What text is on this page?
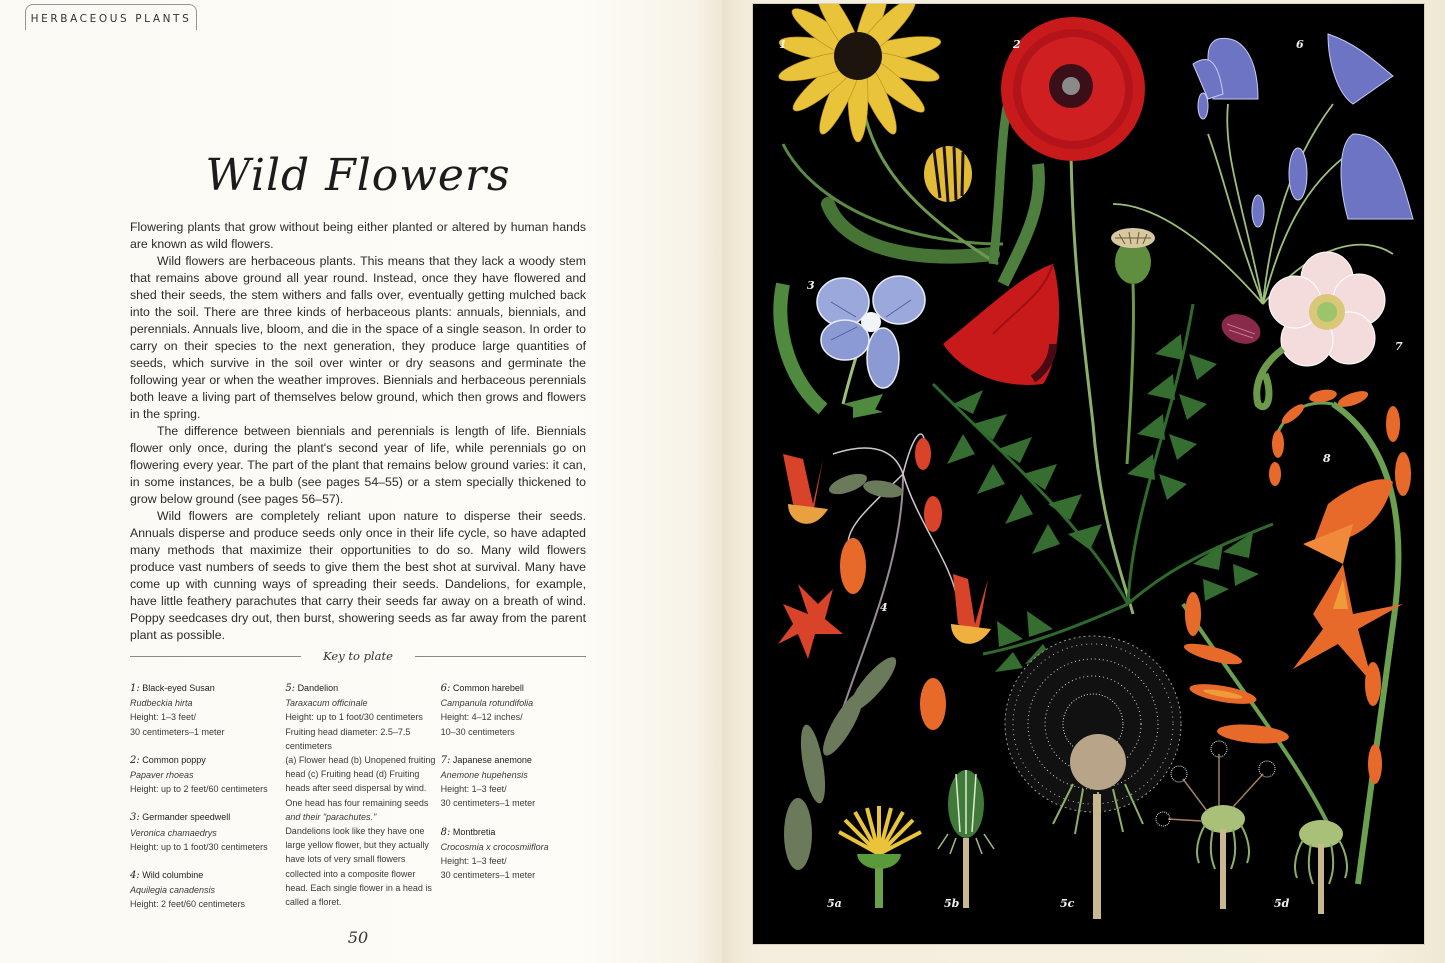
HERBACEOUS PLANTS
Wild Flowers

Flowering plants that grow without being either planted or altered by human hands are known as wild flowers.

Wild flowers are herbaceous plants. This means that they lack a woody stem that remains above ground all year round. Instead, once they have flowered and shed their seeds, the stem withers and falls over, eventually getting mulched back into the soil. There are three kinds of herbaceous plants: annuals, biennials, and perennials. Annuals live, bloom, and die in the space of a single season. In order to carry on their species to the next generation, they produce large quantities of seeds, which survive in the soil over winter or dry seasons and germinate the following year or when the weather improves. Biennials and herbaceous perennials both leave a living part of themselves below ground, which then grows and flowers in the spring.

The difference between biennials and perennials is length of life. Biennials flower only once, during the plant's second year of life, while perennials go on flowering every year. The part of the plant that remains below ground varies: it can, in some instances, be a bulb (see pages 54–55) or a stem specially thickened to grow below ground (see pages 56–57).

Wild flowers are completely reliant upon nature to disperse their seeds. Annuals disperse and produce seeds only once in their life cycle, so have adapted many methods that maximize their opportunities to do so. Many wild flowers produce vast numbers of seeds to give them the best shot at survival. Many have come up with cunning ways of spreading their seeds. Dandelions, for example, have little feathery parachutes that carry their seeds far away on a breath of wind. Poppy seedcases dry out, then burst, showering seeds as far away from the parent plant as possible.

Key to plate
1: Black-eyed Susan
Rudbeckia hirta
Height: 1–3 feet/
30 centimeters–1 meter
2: Common poppy
Papaver rhoeas
Height: up to 2 feet/60 centimeters
3: Germander speedwell
Veronica chamaedrys
Height: up to 1 foot/30 centimeters
4: Wild columbine
Aquilegia canadensis
Height: 2 feet/60 centimeters
5: Dandelion
Taraxacum officinale
Height: up to 1 foot/30 centimeters
Fruiting head diameter: 2.5–7.5
centimeters
(a) Flower head (b) Unopened fruiting
head (c) Fruiting head (d) Fruiting
heads after seed dispersal by wind.
One head has four remaining seeds
and their "parachutes."
Dandelions look like they have one
large yellow flower, but they actually
have lots of very small flowers
collected into a composite flower
head. Each single flower in a head is
called a floret.
6: Common harebell
Campanula rotundifolia
Height: 4–12 inches/
10–30 centimeters
7: Japanese anemone
Anemone hupehensis
Height: 1–3 feet/
30 centimeters–1 meter
8: Montbretia
Crocosmia x crocosmiiflora
Height: 1–3 feet/
30 centimeters–1 meter
50
1	2	6
3
7
8
4
5a	5b	5c	5d
